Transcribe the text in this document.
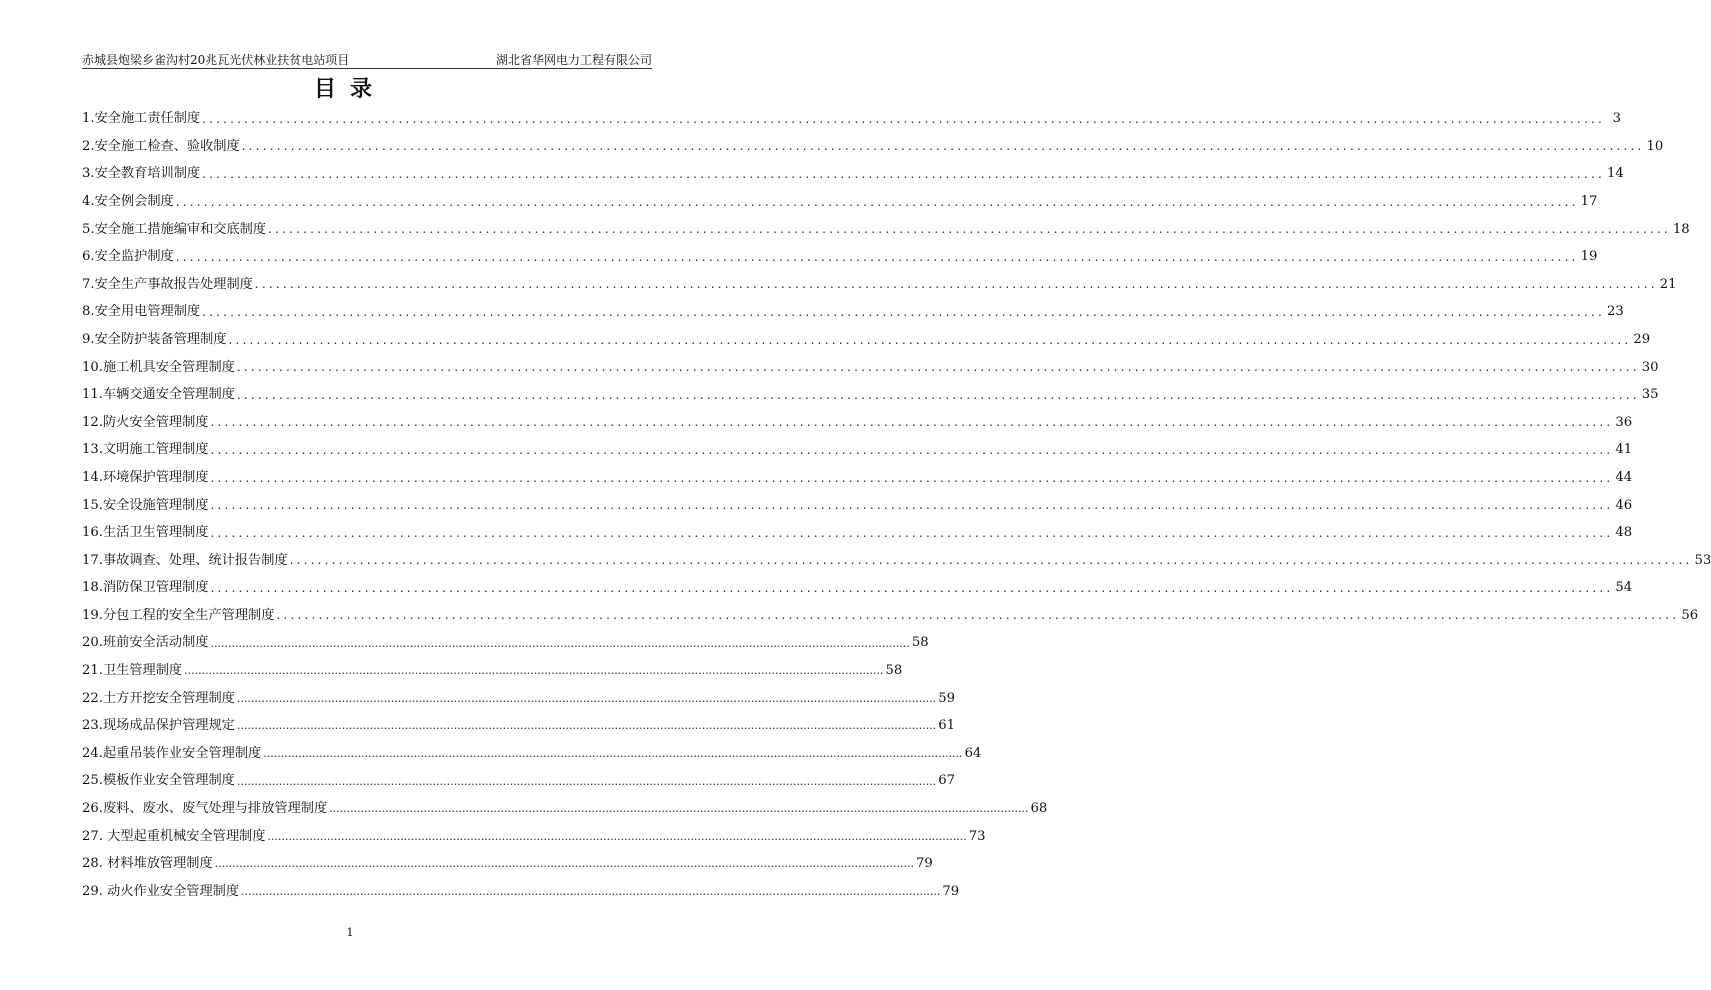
赤城县炮梁乡雀沟村20兆瓦光伏林业扶贫电站项目	湖北省华网电力工程有限公司
目录
1.安全施工责任制度 ........................................................................................................................................................................................................ 3
2.安全施工检查、验收制度 ........................................................................................................................................................................................................ 10
3.安全教育培训制度 ........................................................................................................................................................................................................ 14
4.安全例会制度 ........................................................................................................................................................................................................ 17
5.安全施工措施编审和交底制度 ........................................................................................................................................................................................................ 18
6.安全监护制度 ........................................................................................................................................................................................................ 19
7.安全生产事故报告处理制度 ........................................................................................................................................................................................................ 21
8.安全用电管理制度 ........................................................................................................................................................................................................ 23
9.安全防护装备管理制度 ........................................................................................................................................................................................................ 29
10.施工机具安全管理制度 ........................................................................................................................................................................................................ 30
11.车辆交通安全管理制度 ........................................................................................................................................................................................................ 35
12.防火安全管理制度 ........................................................................................................................................................................................................ 36
13.文明施工管理制度 ........................................................................................................................................................................................................ 41
14.环境保护管理制度 ........................................................................................................................................................................................................ 44
15.安全设施管理制度 ........................................................................................................................................................................................................ 46
16.生活卫生管理制度 ........................................................................................................................................................................................................ 48
17.事故调查、处理、统计报告制度 ........................................................................................................................................................................................................ 53
18.消防保卫管理制度 ........................................................................................................................................................................................................ 54
19.分包工程的安全生产管理制度 ........................................................................................................................................................................................................ 56
20.班前安全活动制度 ........................................................................................................................................................................................................ 58
21.卫生管理制度 ........................................................................................................................................................................................................ 58
22.土方开挖安全管理制度 ........................................................................................................................................................................................................ 59
23.现场成品保护管理规定 ........................................................................................................................................................................................................ 61
24.起重吊装作业安全管理制度 ........................................................................................................................................................................................................ 64
25.模板作业安全管理制度 ........................................................................................................................................................................................................ 67
26.废料、废水、废气处理与排放管理制度 ........................................................................................................................................................................................................ 68
27. 大型起重机械安全管理制度 ........................................................................................................................................................................................................ 73
28. 材料堆放管理制度 ........................................................................................................................................................................................................ 79
29. 动火作业安全管理制度 ........................................................................................................................................................................................................ 79
1
